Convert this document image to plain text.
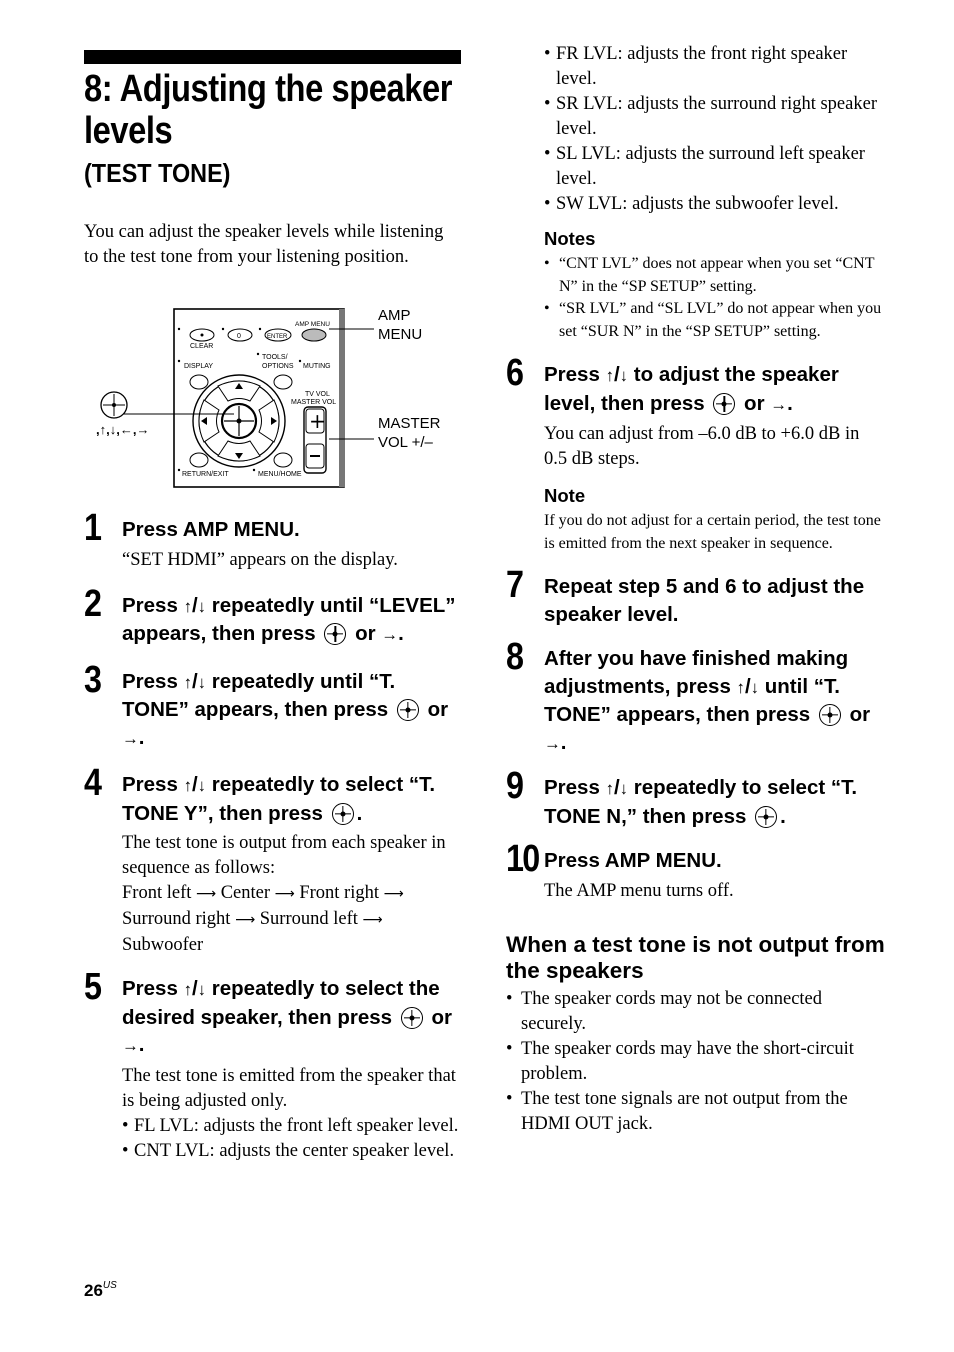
8: Adjusting the speaker levels
(TEST TONE)
You can adjust the speaker levels while listening to the test tone from your listening position.
CLEAR
0	ENTER
AMP MENU
DISPLAY
TOOLS/
OPTIONS MUTING
TV VOL
MASTER VOL
RETURN/EXIT	MENU/HOME
+
AMP
MENU
MASTER
VOL +/–
,↑,↓,←,→
1 Press AMP MENU.
“SET HDMI” appears on the display.
2 Press ↑/↓ repeatedly until “LEVEL” appears, then press
or →.
3 Press ↑/↓ repeatedly until “T. TONE” appears, then press
or →.
4 Press ↑/↓ repeatedly to select “T. TONE Y”, then press
.
The test tone is output from each speaker in sequence as follows:
Front left ⟶ Center ⟶ Front right ⟶
Surround right ⟶ Surround left ⟶
Subwoofer
5 Press ↑/↓ repeatedly to select the desired speaker, then press
or →.
The test tone is emitted from the speaker that is being adjusted only.
• FL LVL: adjusts the front left speaker level.
• CNT LVL: adjusts the center speaker level.
• FR LVL: adjusts the front right speaker level.
• SR LVL: adjusts the surround right speaker level.
• SL LVL: adjusts the surround left speaker level.
• SW LVL: adjusts the subwoofer level.
Notes
• “CNT LVL” does not appear when you set “CNT N” in the “SP SETUP” setting.
• “SR LVL” and “SL LVL” do not appear when you set “SUR N” in the “SP SETUP” setting.
6 Press ↑/↓ to adjust the speaker level, then press
or →.
You can adjust from –6.0 dB to +6.0 dB in 0.5 dB steps.
Note
If you do not adjust for a certain period, the test tone is emitted from the next speaker in sequence.
7 Repeat step 5 and 6 to adjust the speaker level.
8 After you have finished making adjustments, press ↑/↓ until “T. TONE” appears, then press
or →.
9 Press ↑/↓ repeatedly to select “T. TONE N,” then press
.
10 Press AMP MENU.
The AMP menu turns off.
When a test tone is not output from the speakers
• The speaker cords may not be connected securely.
• The speaker cords may have the short-circuit problem.
• The test tone signals are not output from the HDMI OUT jack.
$26^{US}$
